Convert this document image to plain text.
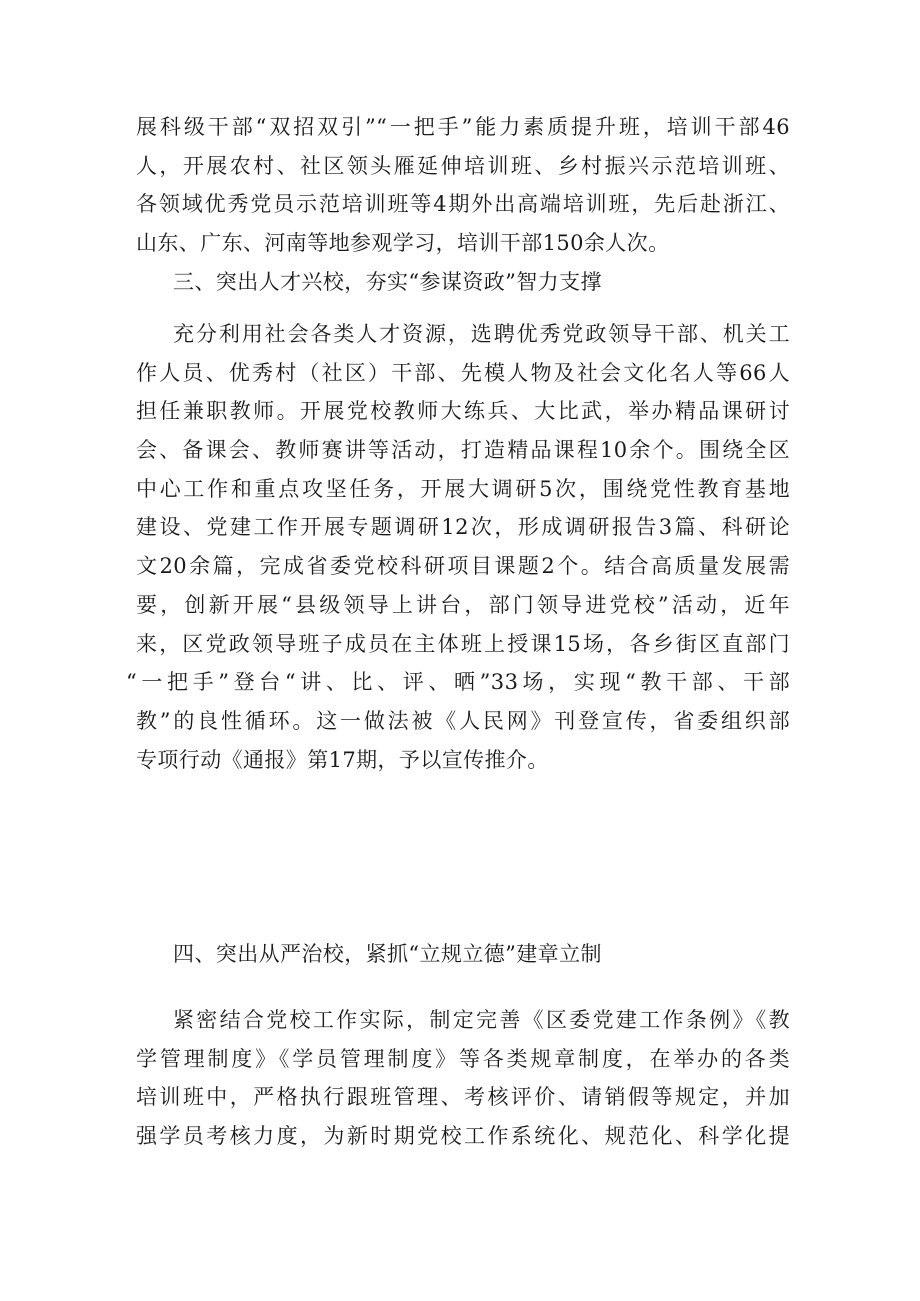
展科级干部“双招双引”“一把手”能力素质提升班，培训干部46
人，开展农村、社区领头雁延伸培训班、乡村振兴示范培训班、
各领域优秀党员示范培训班等4期外出高端培训班，先后赴浙江、
山东、广东、河南等地参观学习，培训干部150余人次。
三、突出人才兴校，夯实“参谋资政”智力支撑
充分利用社会各类人才资源，选聘优秀党政领导干部、机关工
作人员、优秀村（社区）干部、先模人物及社会文化名人等66人
担任兼职教师。开展党校教师大练兵、大比武，举办精品课研讨
会、备课会、教师赛讲等活动，打造精品课程10余个。围绕全区
中心工作和重点攻坚任务，开展大调研5次，围绕党性教育基地
建设、党建工作开展专题调研12次，形成调研报告3篇、科研论
文20余篇，完成省委党校科研项目课题2个。结合高质量发展需
要，创新开展“县级领导上讲台，部门领导进党校”活动，近年
来，区党政领导班子成员在主体班上授课15场，各乡街区直部门
“一把手”登台“讲、比、评、晒”33场，实现“教干部、干部
教”的良性循环。这一做法被《人民网》刊登宣传，省委组织部
专项行动《通报》第17期，予以宣传推介。
四、突出从严治校，紧抓“立规立德”建章立制
紧密结合党校工作实际，制定完善《区委党建工作条例》《教
学管理制度》《学员管理制度》等各类规章制度，在举办的各类
培训班中，严格执行跟班管理、考核评价、请销假等规定，并加
强学员考核力度，为新时期党校工作系统化、规范化、科学化提
